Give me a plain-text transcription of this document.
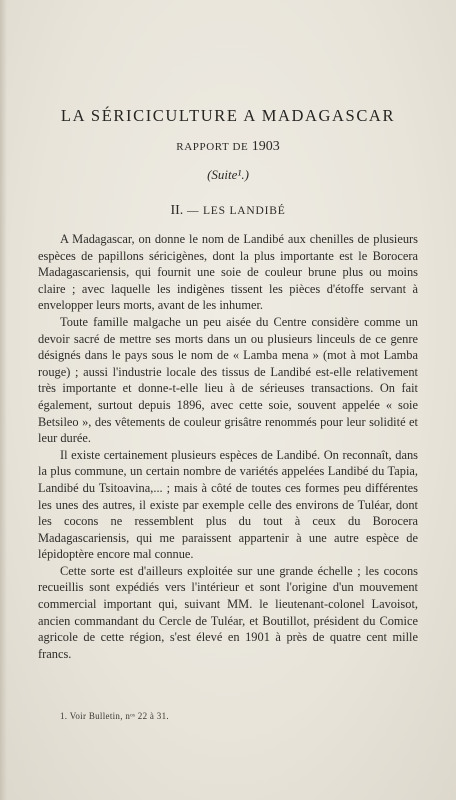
LA SÉRICICULTURE A MADAGASCAR
RAPPORT DE 1903
(Suite¹.)
II. — LES LANDIBÉ

A Madagascar, on donne le nom de Landibé aux chenilles de plusieurs espèces de papillons séricigènes, dont la plus importante est le Borocera Madagascariensis, qui fournit une soie de couleur brune plus ou moins claire ; avec laquelle les indigènes tissent les pièces d'étoffe servant à envelopper leurs morts, avant de les inhumer.

Toute famille malgache un peu aisée du Centre considère comme un devoir sacré de mettre ses morts dans un ou plusieurs linceuls de ce genre désignés dans le pays sous le nom de « Lamba mena » (mot à mot Lamba rouge) ; aussi l'industrie locale des tissus de Landibé est-elle relativement très importante et donne-t-elle lieu à de sérieuses transactions. On fait également, surtout depuis 1896, avec cette soie, souvent appelée « soie Betsileo », des vêtements de couleur grisâtre renommés pour leur solidité et leur durée.

Il existe certainement plusieurs espèces de Landibé. On reconnaît, dans la plus commune, un certain nombre de variétés appelées Landibé du Tapia, Landibé du Tsitoavina,... ; mais à côté de toutes ces formes peu différentes les unes des autres, il existe par exemple celle des environs de Tuléar, dont les cocons ne ressemblent plus du tout à ceux du Borocera Madagascariensis, qui me paraissent appartenir à une autre espèce de lépidoptère encore mal connue.

Cette sorte est d'ailleurs exploitée sur une grande échelle ; les cocons recueillis sont expédiés vers l'intérieur et sont l'origine d'un mouvement commercial important qui, suivant MM. le lieutenant-colonel Lavoisot, ancien commandant du Cercle de Tuléar, et Boutillot, président du Comice agricole de cette région, s'est élevé en 1901 à près de quatre cent mille francs.

1. Voir Bulletin, nᵒˢ 22 à 31.
